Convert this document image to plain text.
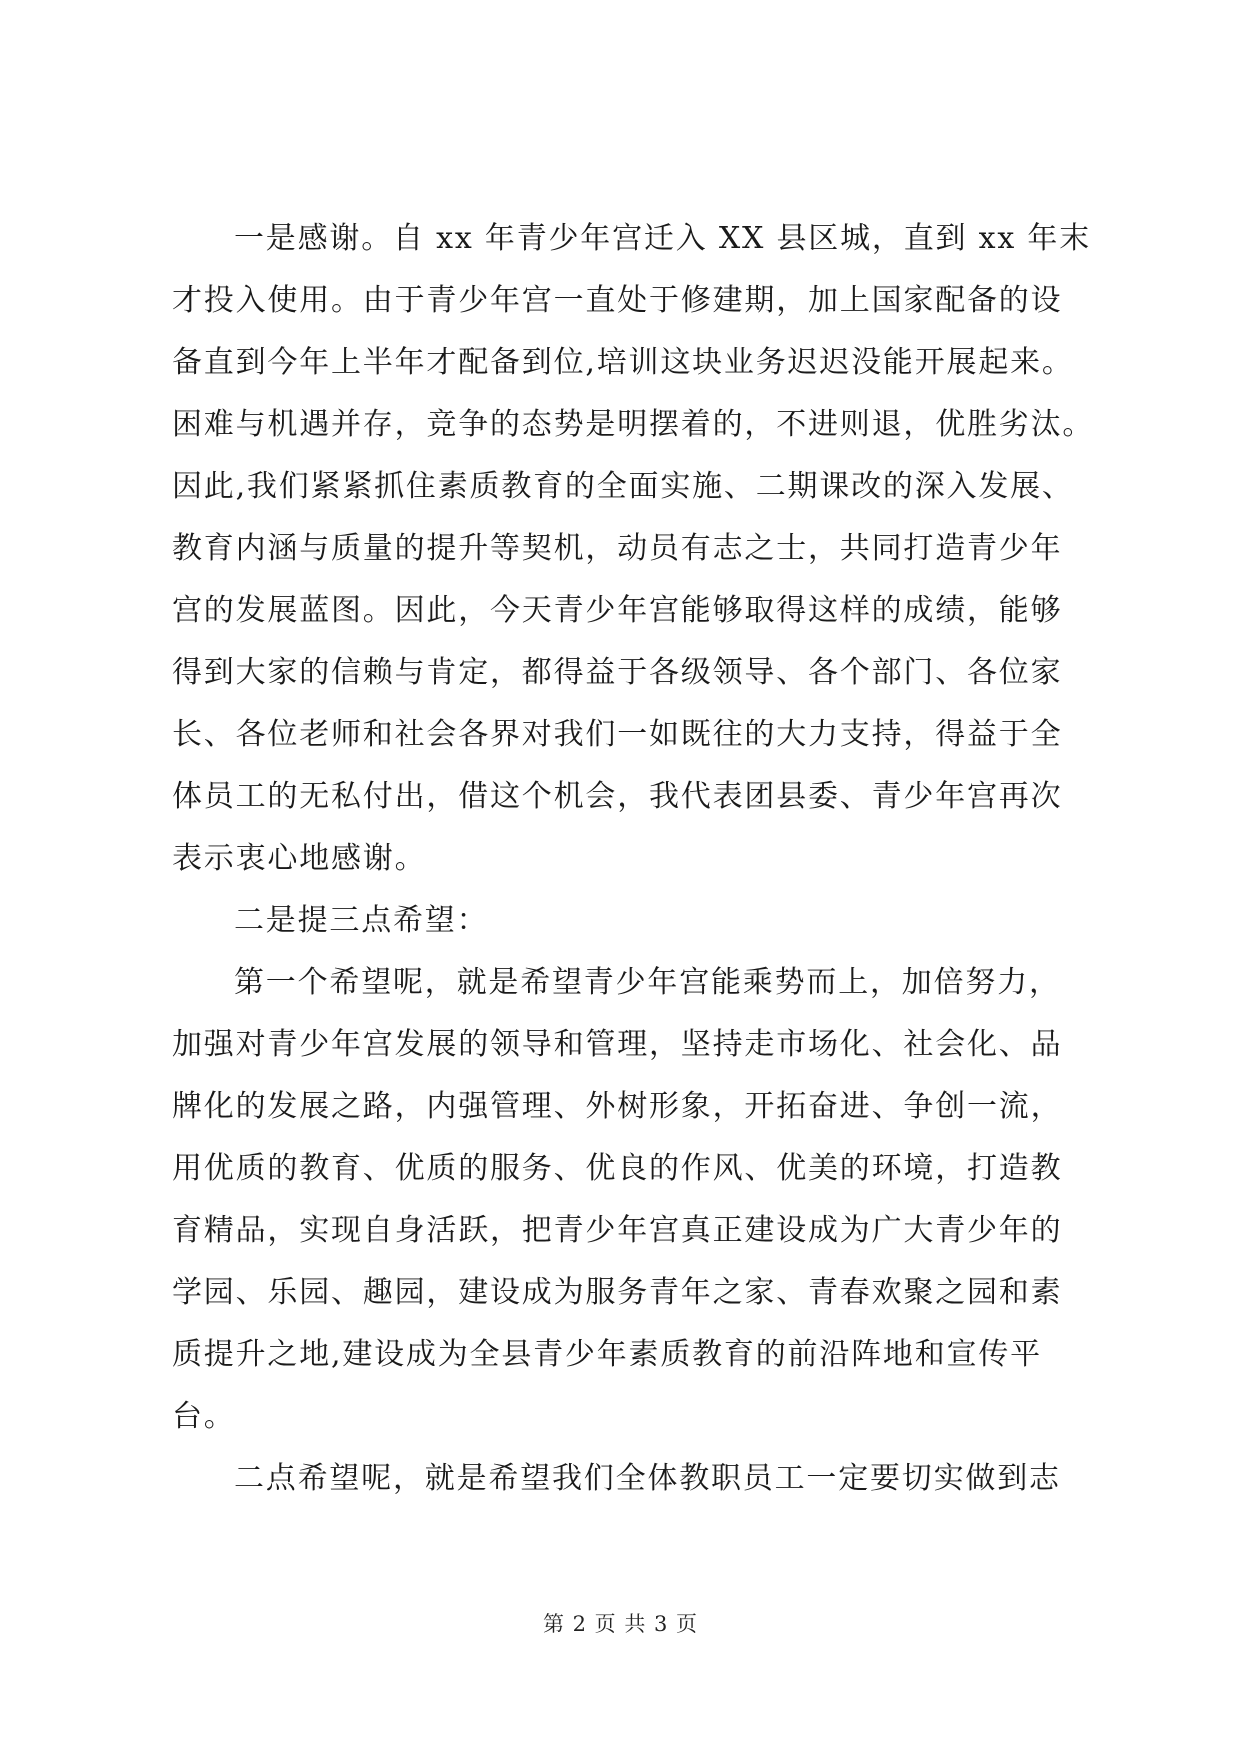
一是感谢。自 xx 年青少年宫迁入 XX 县区城，直到 xx 年末
才投入使用。由于青少年宫一直处于修建期，加上国家配备的设
备直到今年上半年才配备到位,培训这块业务迟迟没能开展起来。
困难与机遇并存，竞争的态势是明摆着的，不进则退，优胜劣汰。
因此,我们紧紧抓住素质教育的全面实施、二期课改的深入发展、
教育内涵与质量的提升等契机，动员有志之士，共同打造青少年
宫的发展蓝图。因此，今天青少年宫能够取得这样的成绩，能够
得到大家的信赖与肯定，都得益于各级领导、各个部门、各位家
长、各位老师和社会各界对我们一如既往的大力支持，得益于全
体员工的无私付出，借这个机会，我代表团县委、青少年宫再次
表示衷心地感谢。
二是提三点希望：
第一个希望呢，就是希望青少年宫能乘势而上，加倍努力，
加强对青少年宫发展的领导和管理，坚持走市场化、社会化、品
牌化的发展之路，内强管理、外树形象，开拓奋进、争创一流，
用优质的教育、优质的服务、优良的作风、优美的环境，打造教
育精品，实现自身活跃，把青少年宫真正建设成为广大青少年的
学园、乐园、趣园，建设成为服务青年之家、青春欢聚之园和素
质提升之地,建设成为全县青少年素质教育的前沿阵地和宣传平
台。
二点希望呢，就是希望我们全体教职员工一定要切实做到志
第 2 页 共 3 页
